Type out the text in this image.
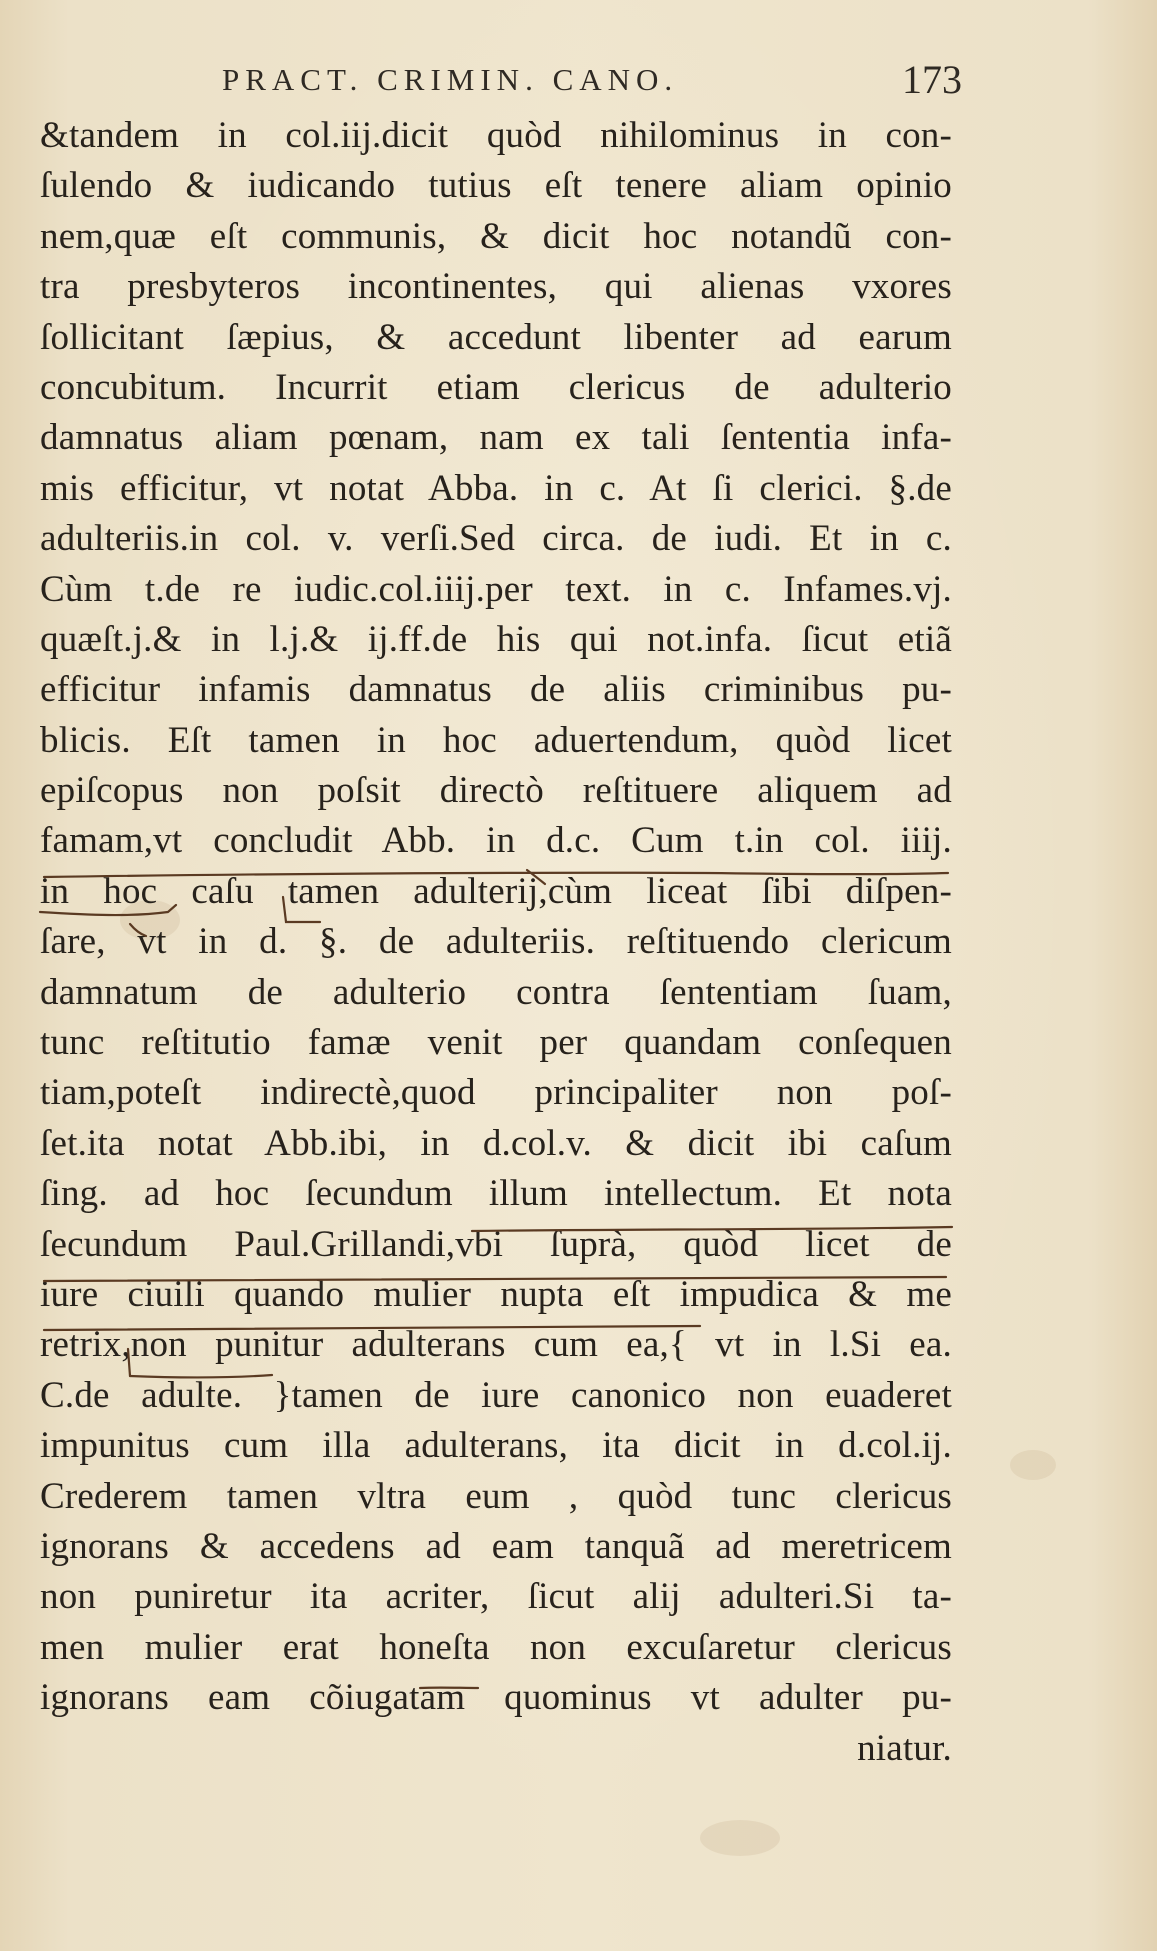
PRACT. CRIMIN. CANO.	173
&tandem in col.iij.dicit quòd nihilominus in con-
ſulendo & iudicando tutius eſt tenere aliam opinio
nem,quæ eſt communis, & dicit hoc notandũ con-
tra presbyteros incontinentes, qui alienas vxores
ſollicitant ſæpius, & accedunt libenter ad earum
concubitum. Incurrit etiam clericus de adulterio
damnatus aliam pœnam, nam ex tali ſententia infa-
mis efficitur, vt notat Abba. in c. At ſi clerici. §.de
adulteriis.in col. v. verſi.Sed circa. de iudi. Et in c.
Cùm t.de re iudic.col.iiij.per text. in c. Infames.vj.
quæſt.j.& in l.j.& ij.ff.de his qui not.infa. ſicut etiã
efficitur infamis damnatus de aliis criminibus pu-
blicis. Eſt tamen in hoc aduertendum, quòd licet
epiſcopus non poſsit directò reſtituere aliquem ad
famam,vt concludit Abb. in d.c. Cum t.in col. iiij.
in hoc caſu tamen adulterij,cùm liceat ſibi diſpen-
ſare, vt in d. §. de adulteriis. reſtituendo clericum
damnatum de adulterio contra ſententiam ſuam,
tunc reſtitutio famæ venit per quandam conſequen
tiam,poteſt indirectè,quod principaliter non poſ-
ſet.ita notat Abb.ibi, in d.col.v. & dicit ibi caſum
ſing. ad hoc ſecundum illum intellectum. Et nota
ſecundum Paul.Grillandi,vbi ſuprà, quòd licet de
iure ciuili quando mulier nupta eſt impudica & me
retrix,non punitur adulterans cum ea,{ vt in l.Si ea.
C.de adulte. }tamen de iure canonico non euaderet
impunitus cum illa adulterans, ita dicit in d.col.ij.
Crederem tamen vltra eum , quòd tunc clericus
ignorans & accedens ad eam tanquã ad meretricem
non puniretur ita acriter, ſicut alij adulteri.Si ta-
men mulier erat honeſta non excuſaretur clericus
ignorans eam cõiugatam quominus vt adulter pu-
niatur.
